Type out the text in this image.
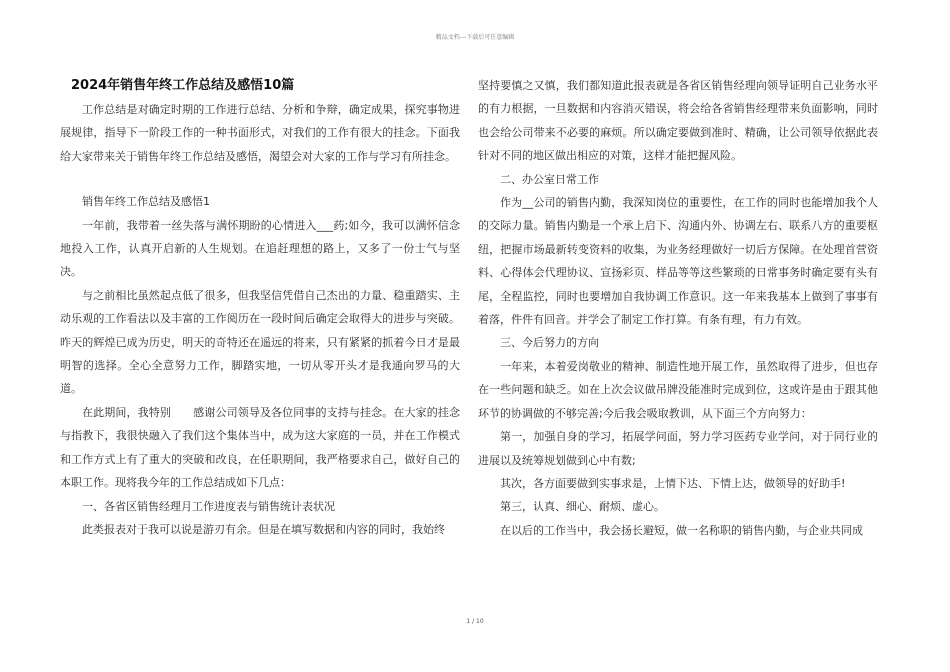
精品文档---下载后可任意编辑
2024年销售年终工作总结及感悟10篇

工作总结是对确定时期的工作进行总结、分析和争辩，确定成果，探究事物进展规律，指导下一阶段工作的一种书面形式，对我们的工作有很大的挂念。下面我给大家带来关于销售年终工作总结及感悟，渴望会对大家的工作与学习有所挂念。

销售年终工作总结及感悟1

一年前，我带着一丝失落与满怀期盼的心情进入___药;如今，我可以满怀信念地投入工作，认真开启新的人生规划。在追赶理想的路上，又多了一份士气与坚决。

与之前相比虽然起点低了很多，但我坚信凭借自己杰出的力量、稳重踏实、主动乐观的工作看法以及丰富的工作阅历在一段时间后确定会取得大的进步与突破。昨天的辉煌已成为历史，明天的奇特还在遥远的将来，只有紧紧的抓着今日才是最明智的选择。全心全意努力工作，脚踏实地，一切从零开头才是我通向罗马的大道。

在此期间，我特别　　感谢公司领导及各位同事的支持与挂念。在大家的挂念与指教下，我很快融入了我们这个集体当中，成为这大家庭的一员，并在工作模式和工作方式上有了重大的突破和改良，在任职期间，我严格要求自己，做好自己的本职工作。现将我今年的工作总结成如下几点：

一、各省区销售经理月工作进度表与销售统计表状况

此类报表对于我可以说是游刃有余。但是在填写数据和内容的同时，我始终

坚持要慎之又慎，我们都知道此报表就是各省区销售经理向领导证明自己业务水平的有力根据，一旦数据和内容消灭错误，将会给各省销售经理带来负面影响，同时也会给公司带来不必要的麻烦。所以确定要做到准时、精确，让公司领导依据此表针对不同的地区做出相应的对策，这样才能把握风险。

二、办公室日常工作

作为__公司的销售内勤，我深知岗位的重要性，在工作的同时也能增加我个人的交际力量。销售内勤是一个承上启下、沟通内外、协调左右、联系八方的重要枢纽，把握市场最新转变资料的收集，为业务经理做好一切后方保障。在处理首营资料、心得体会代理协议、宣扬彩页、样品等等这些繁琐的日常事务时确定要有头有尾，全程监控，同时也要增加自我协调工作意识。这一年来我基本上做到了事事有着落，件件有回音。并学会了制定工作打算。有条有理，有力有效。

三、今后努力的方向

一年来，本着爱岗敬业的精神、制造性地开展工作，虽然取得了进步，但也存在一些问题和缺乏。如在上次会议做吊牌没能准时完成到位，这或许是由于跟其他环节的协调做的不够完善;今后我会吸取教训，从下面三个方向努力：

第一，加强自身的学习，拓展学问面，努力学习医药专业学问，对于同行业的进展以及统筹规划做到心中有数;

其次，各方面要做到实事求是，上情下达、下情上达，做领导的好助手!

第三，认真、细心、耐烦、虚心。

在以后的工作当中，我会扬长避短，做一名称职的销售内勤，与企业共同成

1 / 10
